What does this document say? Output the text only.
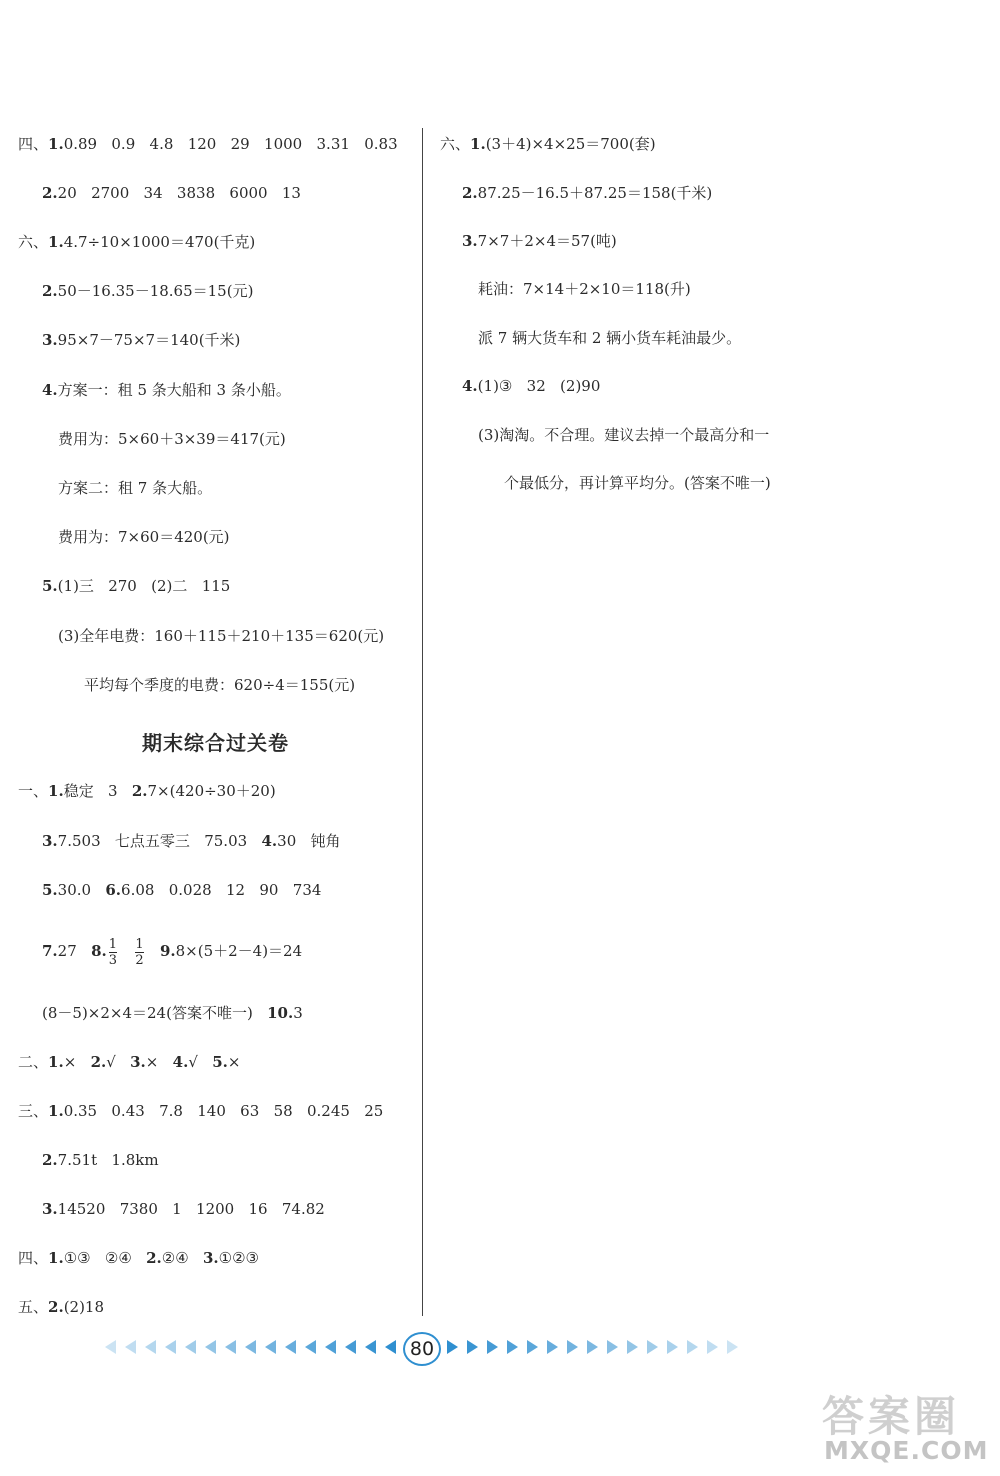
四、1.0.89   0.9   4.8   120   29   1000   3.31   0.83
2.20   2700   34   3838   6000   13
六、1.4.7÷10×1000＝470(千克)
2.50－16.35－18.65＝15(元)
3.95×7－75×7＝140(千米)
4.方案一：租 5 条大船和 3 条小船。
费用为：5×60＋3×39＝417(元)
方案二：租 7 条大船。
费用为：7×60＝420(元)
5.(1)三   270   (2)二   115
(3)全年电费：160＋115＋210＋135＝620(元)
平均每个季度的电费：620÷4＝155(元)
期末综合过关卷
一、1.稳定   3   2.7×(420÷30＋20)
3.7.503   七点五零三   75.03   4.30   钝角
5.30.0   6.6.08   0.028   12   90   734
7.27   8. $\frac{1}{3}$
$\frac{1}{2} 9.8\times(5+2-4)=24$
(8－5)×2×4＝24(答案不唯一)   10.3
二、1.×   2.√   3.×   4.√   5.×
三、1.0.35   0.43   7.8   140   63   58   0.245   25
2.7.51t   1.8km
3.14520   7380   1   1200   16   74.82
四、1.①③   ②④   2.②④   3.①②③
五、2.(2)18
六、1.(3＋4)×4×25＝700(套)
2.87.25－16.5＋87.25＝158(千米)
3.7×7＋2×4＝57(吨)
耗油：7×14＋2×10＝118(升)
派 7 辆大货车和 2 辆小货车耗油最少。
4.(1)③   32   (2)90
(3)淘淘。不合理。建议去掉一个最高分和一
个最低分，再计算平均分。(答案不唯一)
80
答案圈
MXQE.COM
